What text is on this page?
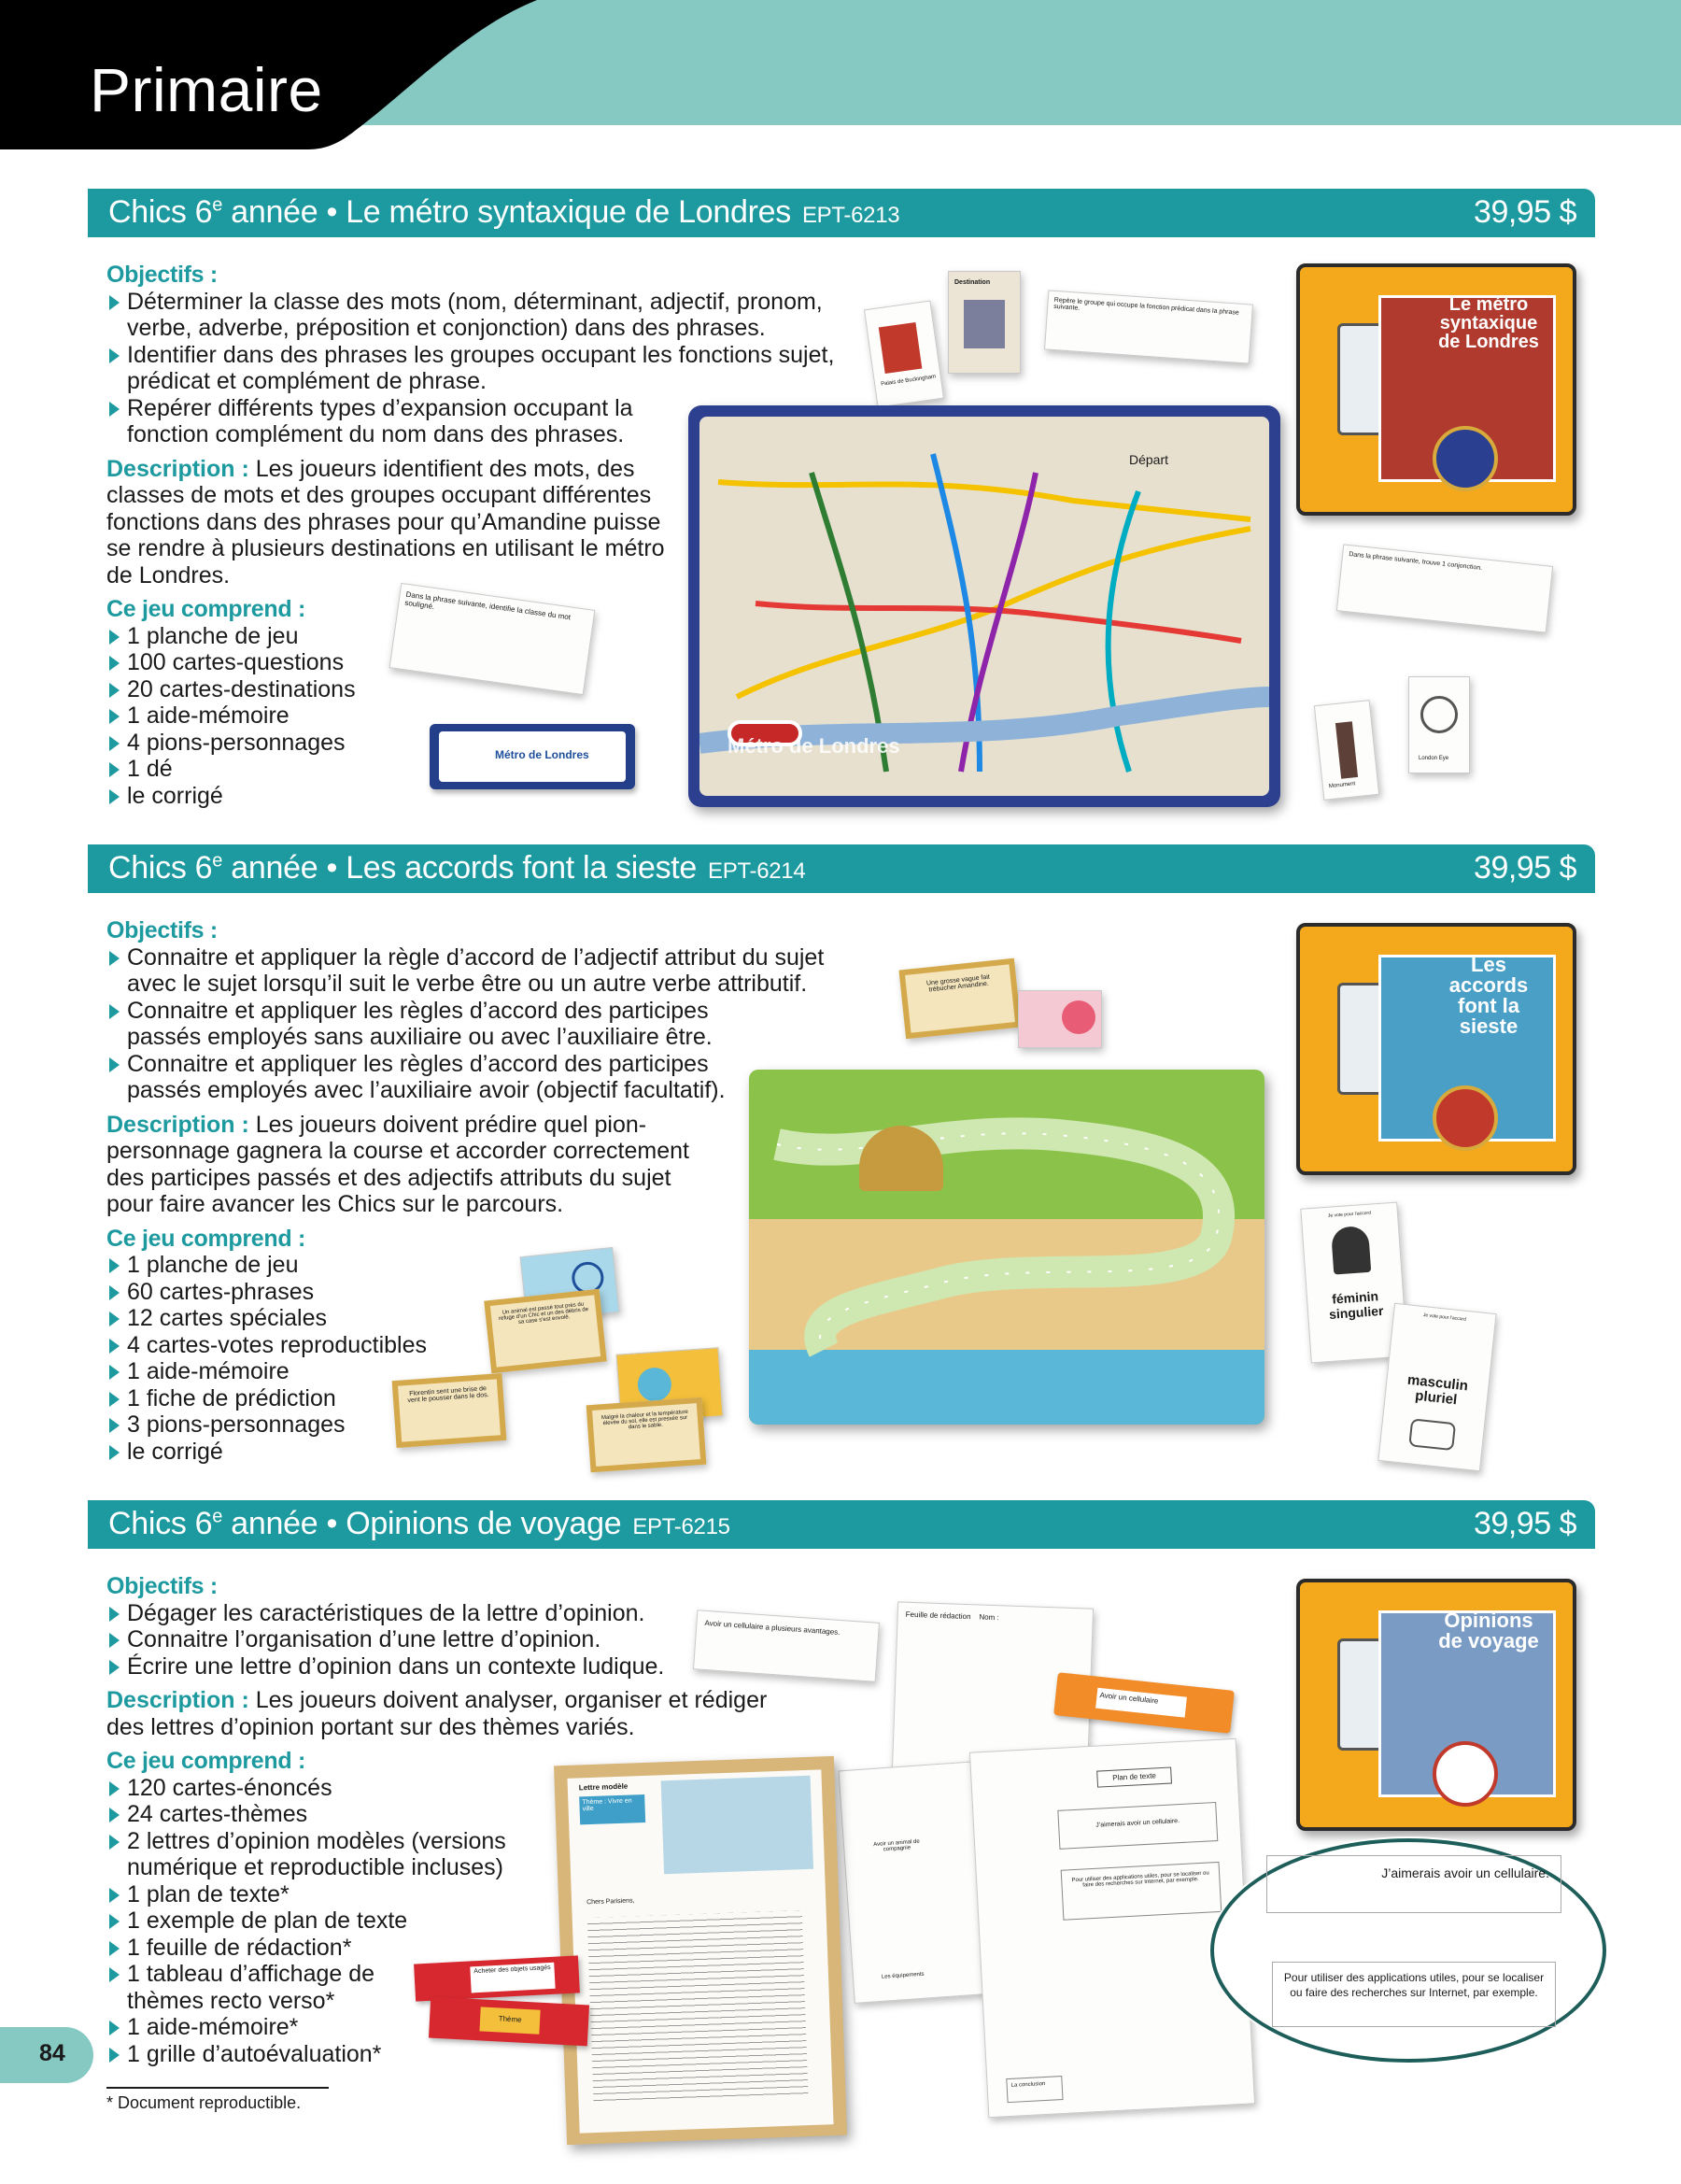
Primaire
Chics 6e année • Le métro syntaxique de Londres EPT-6213	39,95 $
Objectifs :
Déterminer la classe des mots (nom, déterminant, adjectif, pronom, verbe, adverbe, préposition et conjonction) dans des phrases.
Identifier dans des phrases les groupes occupant les fonctions sujet, prédicat et complément de phrase.
Repérer différents types d’expansion occupant la fonction complément du nom dans des phrases.
Description : Les joueurs identifient des mots, des classes de mots et des groupes occupant différentes fonctions dans des phrases pour qu’Amandine puisse se rendre à plusieurs destinations en utilisant le métro de Londres.
Ce jeu comprend :
1 planche de jeu
100 cartes-questions
20 cartes-destinations
1 aide-mémoire
4 pions-personnages
1 dé
le corrigé
Dans la phrase suivante, identifie la classe du mot souligné.
Métro de Londres
Palais de Buckingham
Destination
Repère le groupe qui occupe la fonction prédicat dans la phrase suivante.
Métro de Londres
Départ
Dans la phrase suivante, trouve 1 conjonction.
Monument
London Eye
Le métro syntaxique de Londres
Chics 6e année • Les accords font la sieste EPT-6214	39,95 $
Objectifs :
Connaitre et appliquer la règle d’accord de l’adjectif attribut du sujet avec le sujet lorsqu’il suit le verbe être ou un autre verbe attributif.
Connaitre et appliquer les règles d’accord des participes passés employés sans auxiliaire ou avec l’auxiliaire être.
Connaitre et appliquer les règles d’accord des participes passés employés avec l’auxiliaire avoir (objectif facultatif).
Description : Les joueurs doivent prédire quel pion-personnage gagnera la course et accorder correctement des participes passés et des adjectifs attributs du sujet pour faire avancer les Chics sur le parcours.
Ce jeu comprend :
1 planche de jeu
60 cartes-phrases
12 cartes spéciales
4 cartes-votes reproductibles
1 aide-mémoire
1 fiche de prédiction
3 pions-personnages
le corrigé
Une grosse vague fait trébucher Amandine.
Un animal est passé tout près du refuge d’un Chic et un des débris de sa case s’est envolé.
Florentin sent une brise de vent le pousser dans le dos.
Malgré la chaleur et la température élevée du sol, elle est pressée sur dans le sable.
Je vote pour l’accord
féminin singulier	Je vote pour l’accord
masculin pluriel
Les accords font la sieste
Chics 6e année • Opinions de voyage EPT-6215	39,95 $
Objectifs :
Dégager les caractéristiques de la lettre d’opinion.
Connaitre l’organisation d’une lettre d’opinion.
Écrire une lettre d’opinion dans un contexte ludique.
Description : Les joueurs doivent analyser, organiser et rédiger des lettres d’opinion portant sur des thèmes variés.
Ce jeu comprend :
120 cartes-énoncés
24 cartes-thèmes
2 lettres d’opinion modèles (versions numérique et reproductible incluses)
1 plan de texte*
1 exemple de plan de texte
1 feuille de rédaction*
1 tableau d’affichage de thèmes recto verso*
1 aide-mémoire*
1 grille d’autoévaluation*
Avoir un cellulaire a plusieurs avantages.
Feuille de rédaction Nom :
Avoir un cellulaire
Avoir un animal de compagnie
Les équipements
Plan de texte
J’aimerais avoir un cellulaire.
Pour utiliser des applications utiles, pour se localiser ou faire des recherches sur Internet, par exemple.
La conclusion
Lettre modèle
Thème : Vivre en ville
Chers Parisiens,
Acheter des objets usagés
Thème
Opinions de voyage
J’aimerais avoir un cellulaire.
Pour utiliser des applications utiles, pour se localiser ou faire des recherches sur Internet, par exemple.
* Document reproductible.
84
